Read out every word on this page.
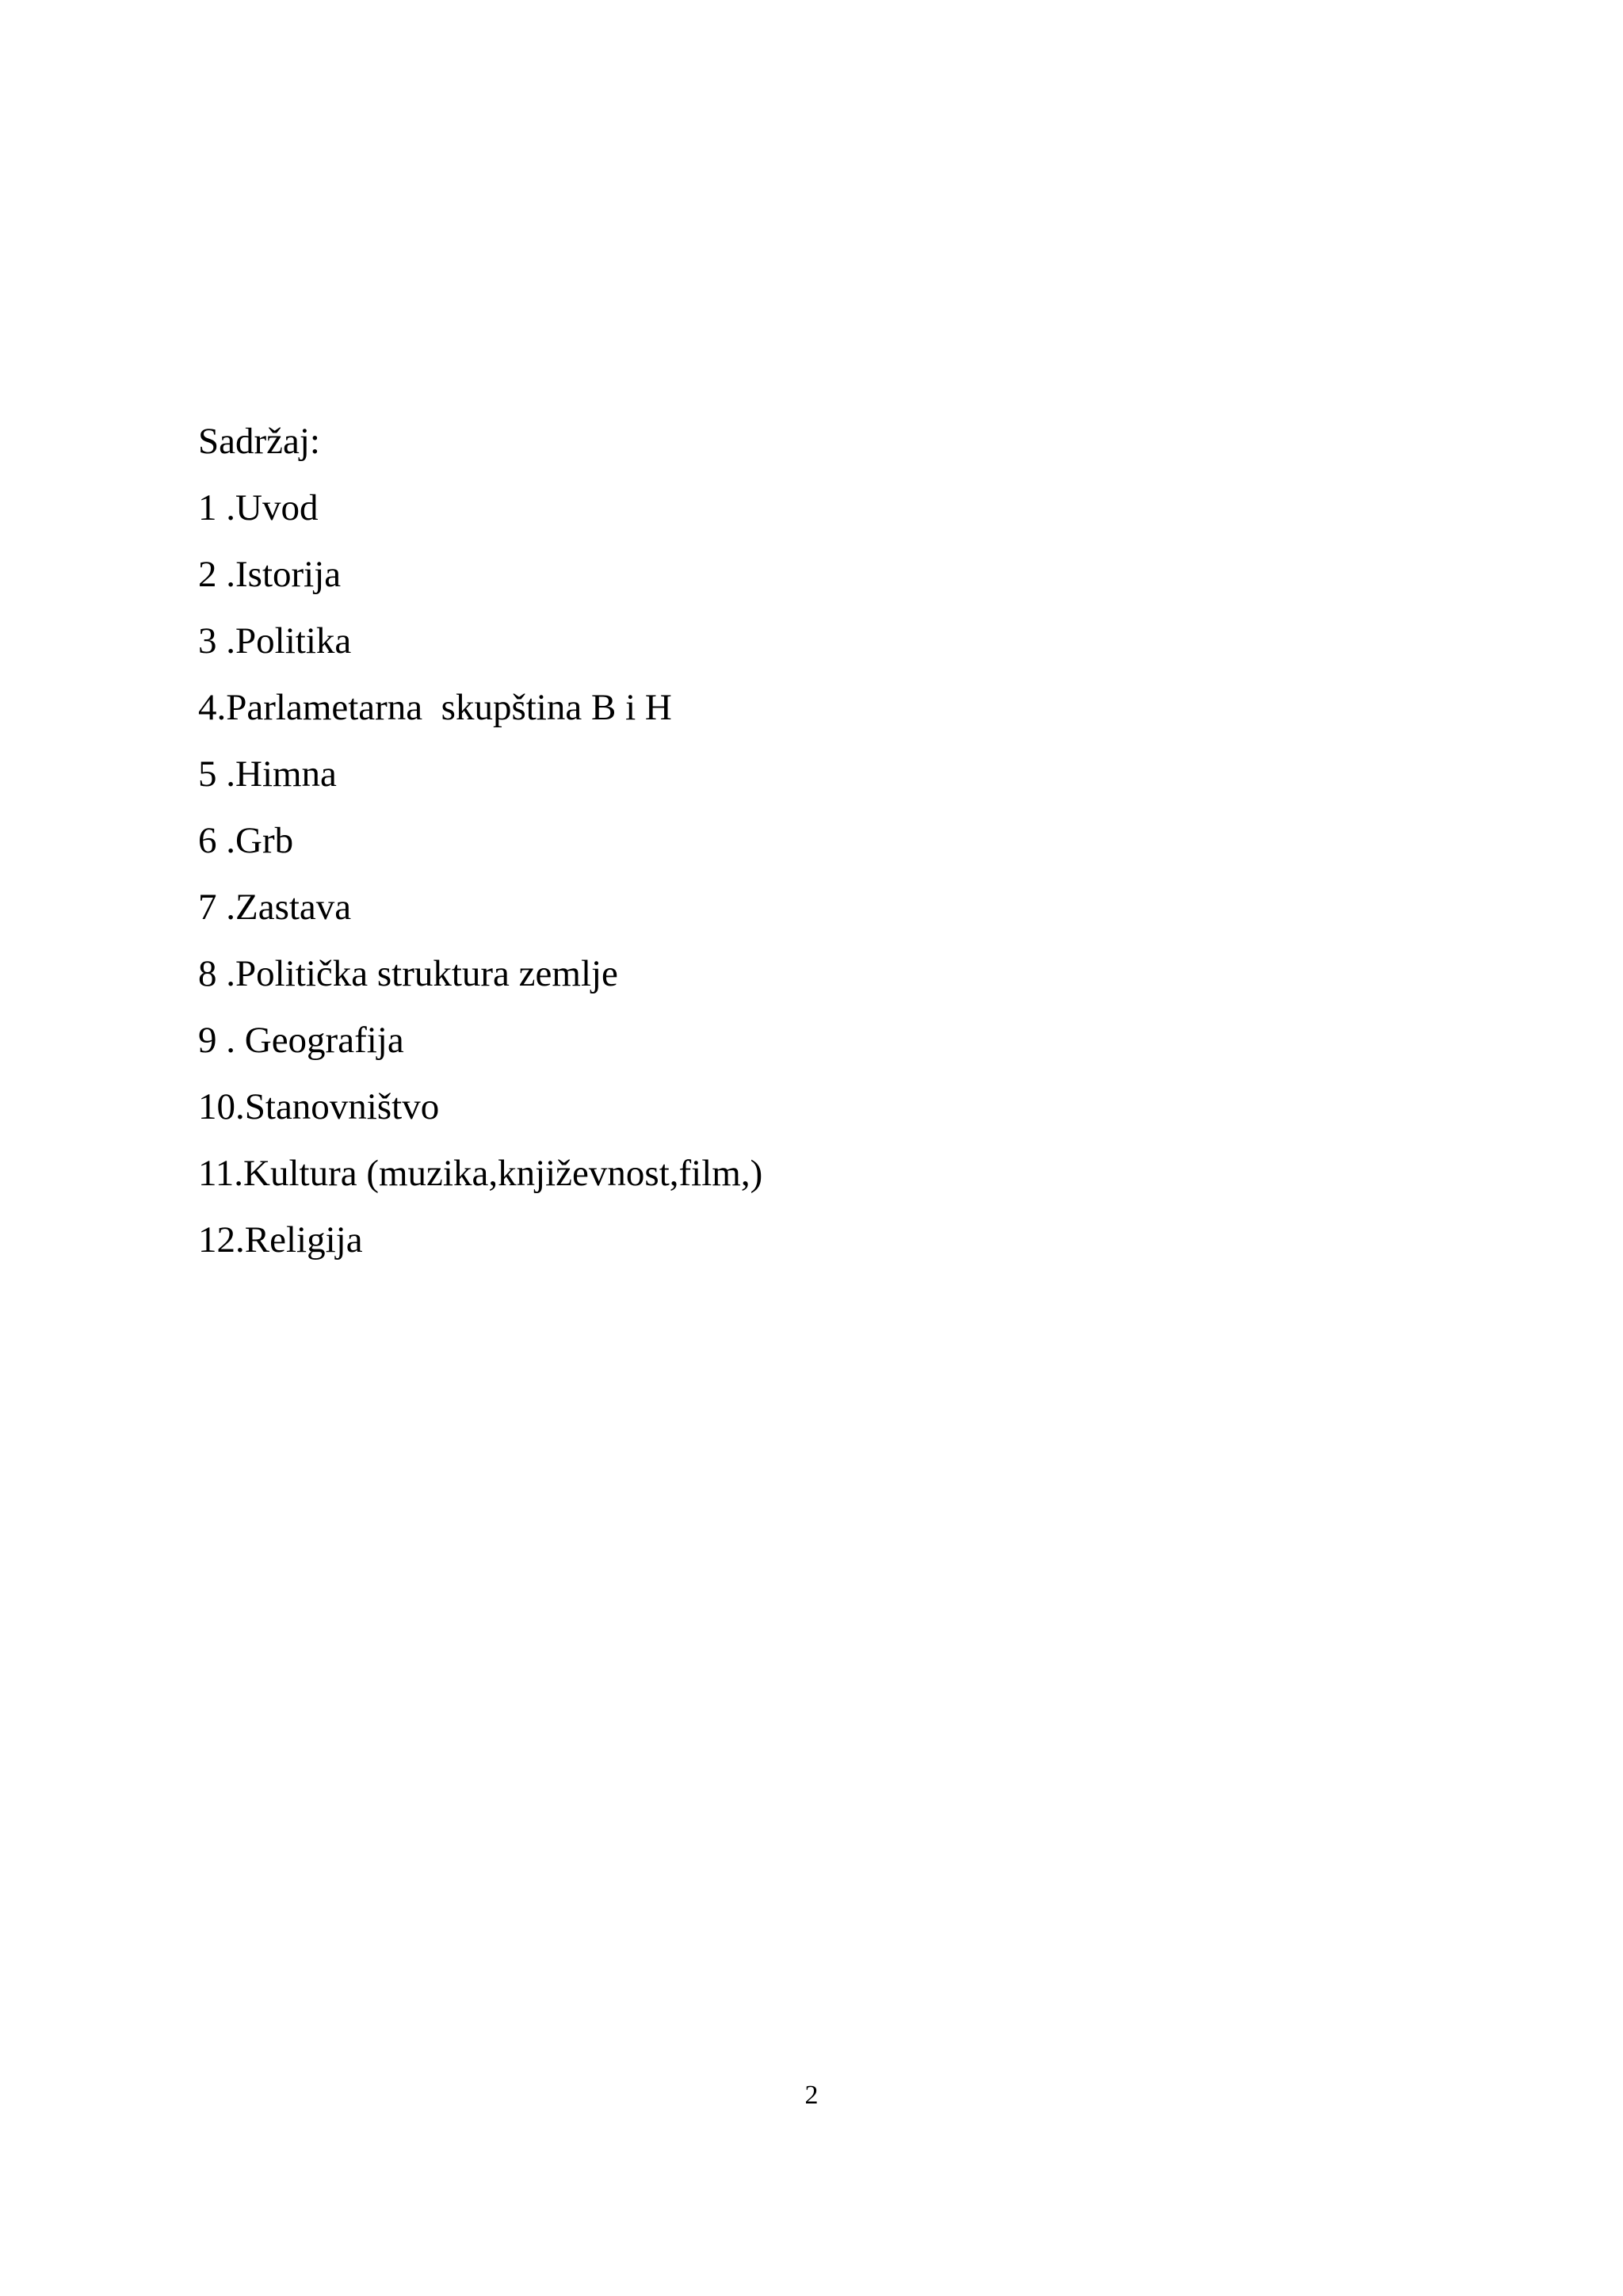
Sadržaj:
1 .Uvod
2 .Istorija
3 .Politika
4.Parlametarna  skupština B i H
5 .Himna
6 .Grb
7 .Zastava
8 .Politička struktura zemlje
9 . Geografija
10.Stanovništvo
11.Kultura (muzika,književnost,film,)
12.Religija
2
